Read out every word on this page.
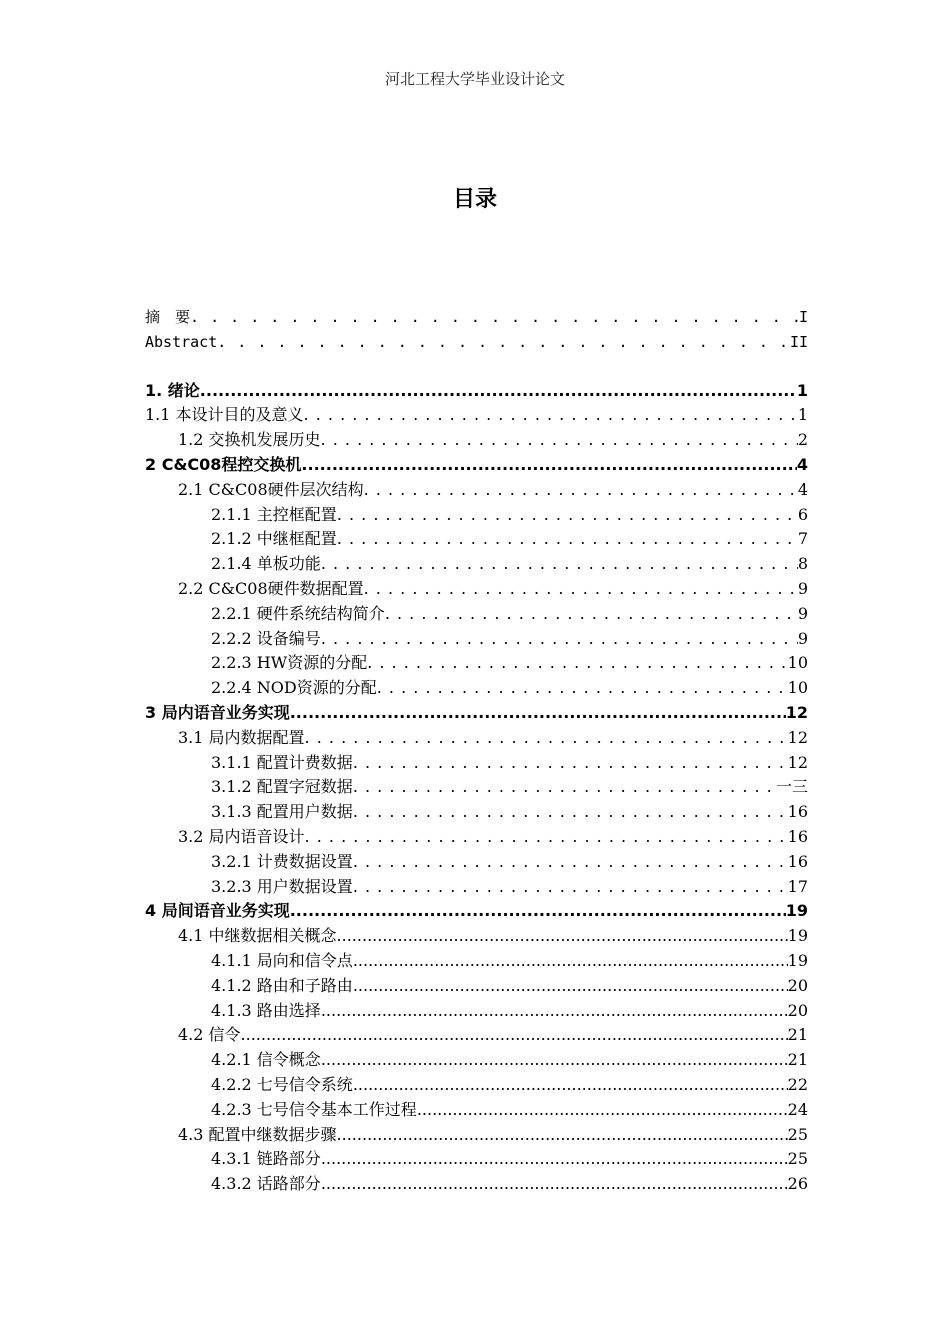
河北工程大学毕业设计论文
目录
摘　要 . . .	I
Abstract . . .	II
1. 绪论 .....	1
1.1 本设计目的及意义 . . .	1
1.2 交换机发展历史 . . .	2
2 C&C08程控交换机 .....	4
2.1 C&C08硬件层次结构 . . .	4
2.1.1 主控框配置 . . .	6
2.1.2 中继框配置 . . .	7
2.1.4 单板功能 . . .	8
2.2 C&C08硬件数据配置 . . .	9
2.2.1 硬件系统结构简介 . . .	9
2.2.2 设备编号 . . .	9
2.2.3 HW资源的分配 . . .	10
2.2.4 NOD资源的分配 . . .	10
3 局内语音业务实现 .....	12
3.1 局内数据配置 . . .	12
3.1.1 配置计费数据 . . .	12
3.1.2 配置字冠数据 . . .	一三
3.1.3 配置用户数据 . . .	16
3.2 局内语音设计 . . .	16
3.2.1 计费数据设置 . . .	16
3.2.3 用户数据设置 . . .	17
4 局间语音业务实现 .....	19
4.1 中继数据相关概念 .....	19
4.1.1 局向和信令点 .....	19
4.1.2 路由和子路由 .....	20
4.1.3 路由选择 .....	20
4.2 信令 .....	21
4.2.1 信令概念 .....	21
4.2.2 七号信令系统 .....	22
4.2.3 七号信令基本工作过程 .....	24
4.3 配置中继数据步骤 .....	25
4.3.1 链路部分 .....	25
4.3.2 话路部分 .....	26
